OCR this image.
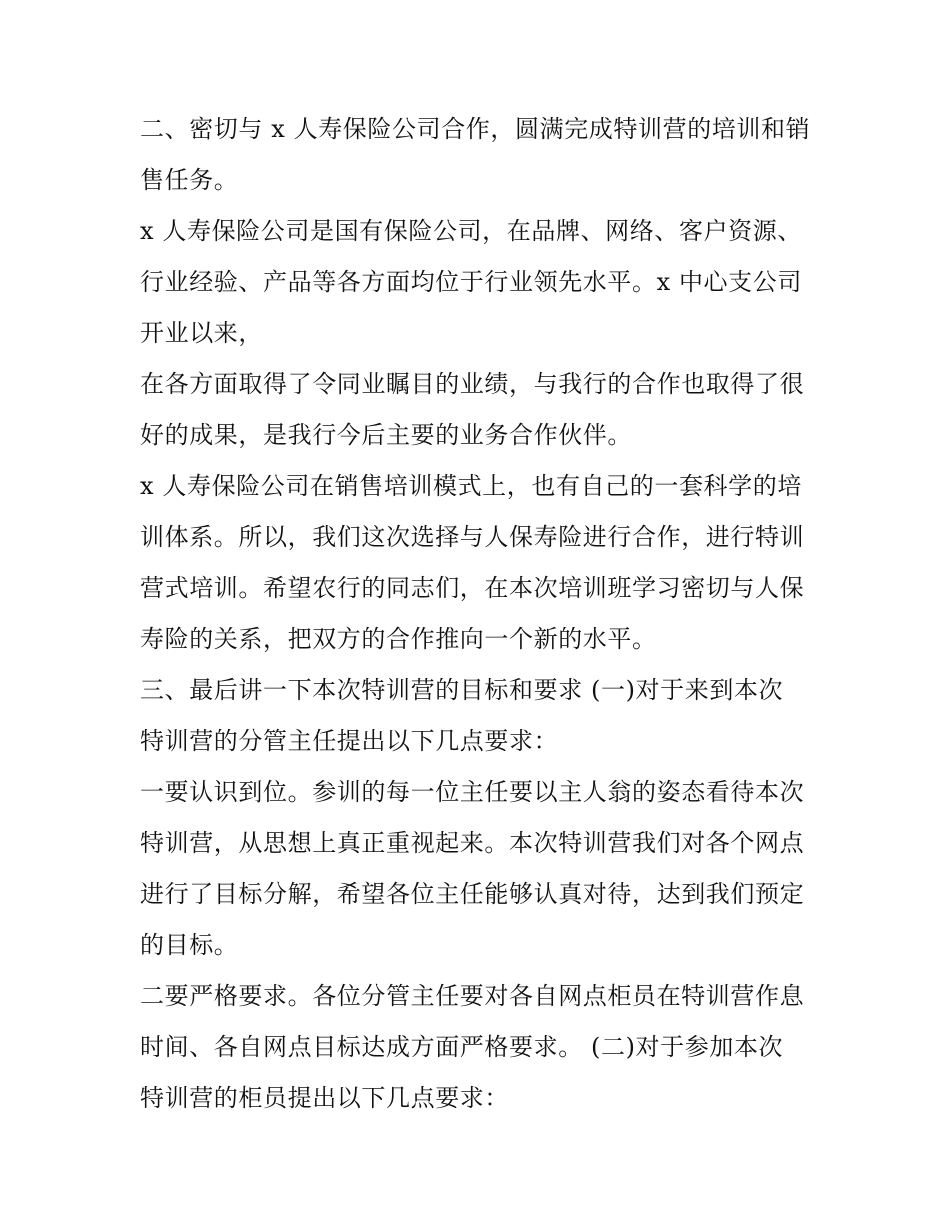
二、密切与 x 人寿保险公司合作，圆满完成特训营的培训和销
售任务。
x 人寿保险公司是国有保险公司，在品牌、网络、客户资源、
行业经验、产品等各方面均位于行业领先水平。x 中心支公司
开业以来，
在各方面取得了令同业瞩目的业绩，与我行的合作也取得了很
好的成果，是我行今后主要的业务合作伙伴。
x 人寿保险公司在销售培训模式上，也有自己的一套科学的培
训体系。所以，我们这次选择与人保寿险进行合作，进行特训
营式培训。希望农行的同志们，在本次培训班学习密切与人保
寿险的关系，把双方的合作推向一个新的水平。
三、最后讲一下本次特训营的目标和要求 (一)对于来到本次
特训营的分管主任提出以下几点要求：
一要认识到位。参训的每一位主任要以主人翁的姿态看待本次
特训营，从思想上真正重视起来。本次特训营我们对各个网点
进行了目标分解，希望各位主任能够认真对待，达到我们预定
的目标。
二要严格要求。各位分管主任要对各自网点柜员在特训营作息
时间、各自网点目标达成方面严格要求。 (二)对于参加本次
特训营的柜员提出以下几点要求：
